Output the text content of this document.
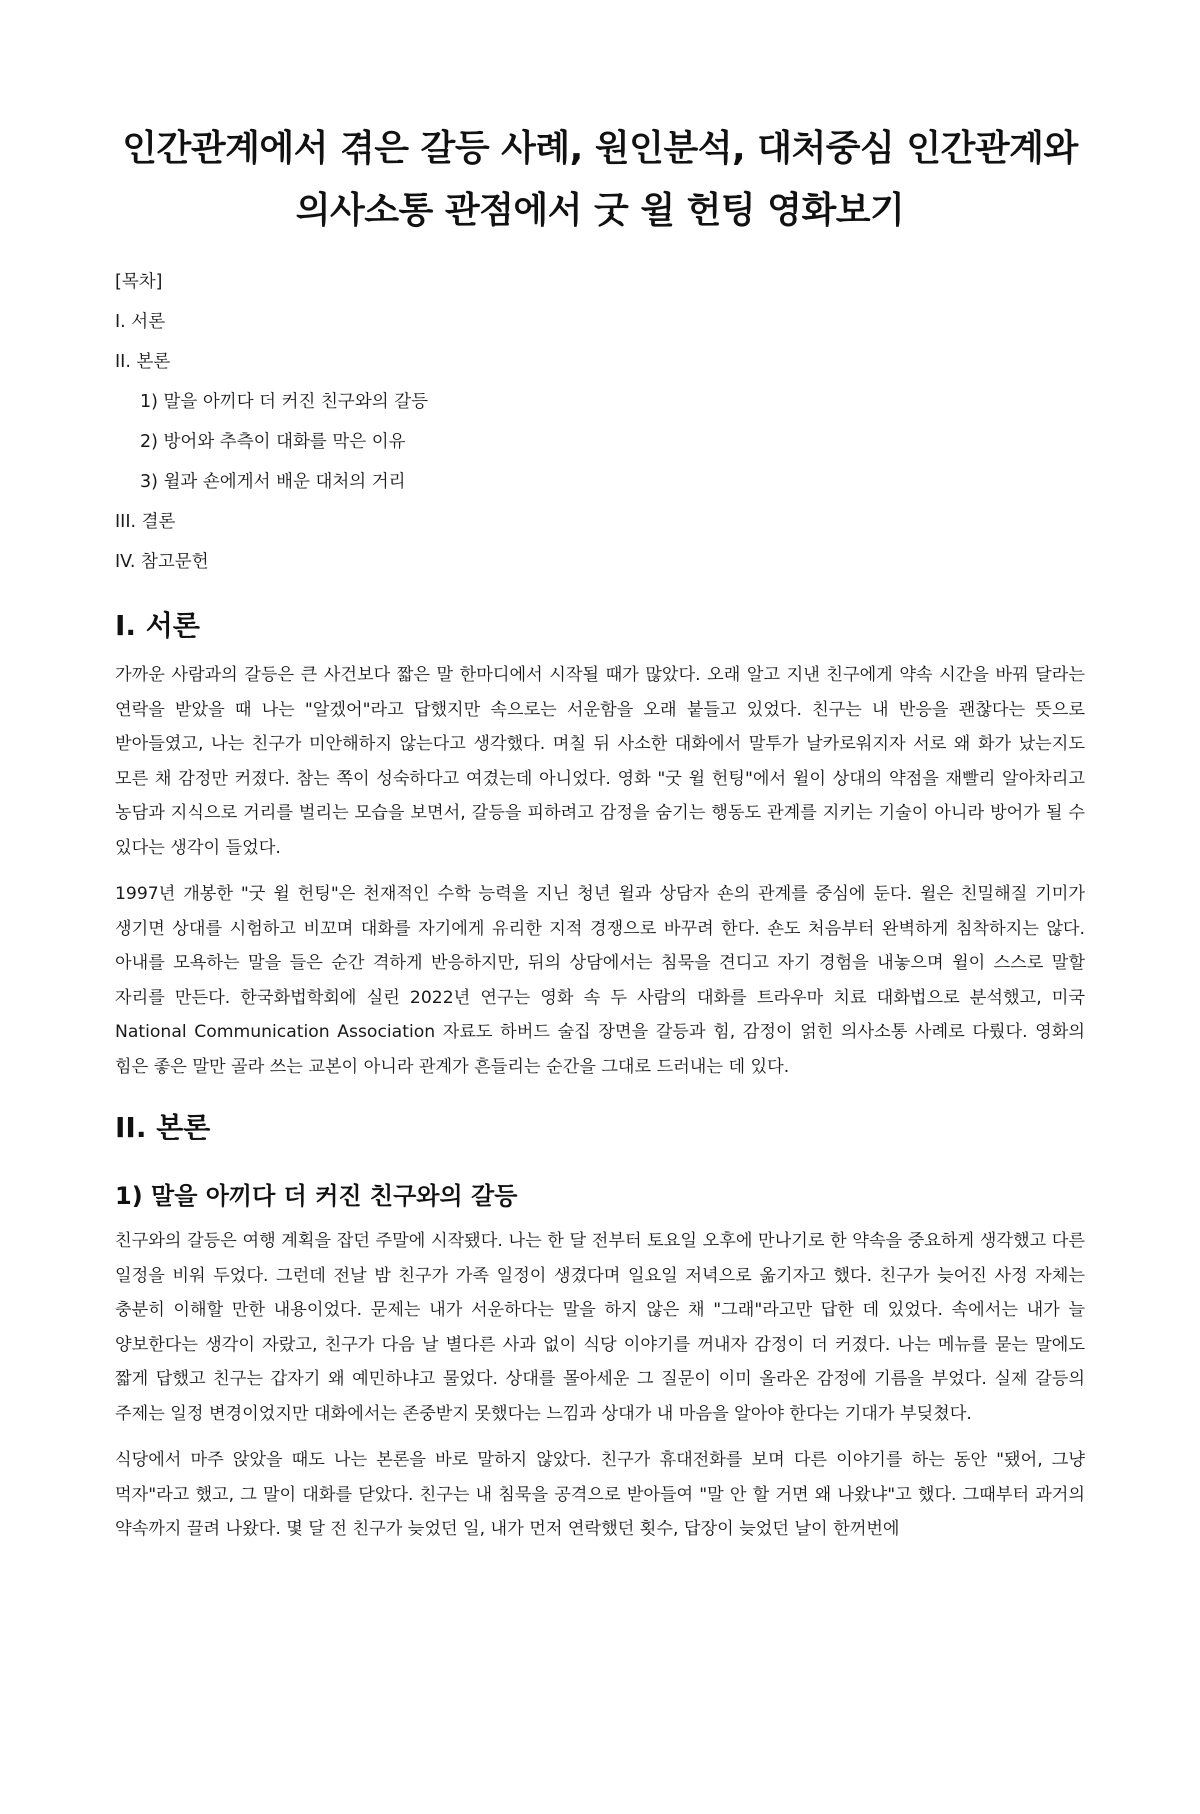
인간관계에서 겪은 갈등 사례, 원인분석, 대처중심 인간관계와 의사소통 관점에서 굿 윌 헌팅 영화보기
[목차]
I. 서론
II. 본론
1) 말을 아끼다 더 커진 친구와의 갈등
2) 방어와 추측이 대화를 막은 이유
3) 윌과 숀에게서 배운 대처의 거리
III. 결론
IV. 참고문헌
I. 서론

가까운 사람과의 갈등은 큰 사건보다 짧은 말 한마디에서 시작될 때가 많았다. 오래 알고 지낸 친구에게 약속 시간을 바꿔 달라는 연락을 받았을 때 나는 "알겠어"라고 답했지만 속으로는 서운함을 오래 붙들고 있었다. 친구는 내 반응을 괜찮다는 뜻으로 받아들였고, 나는 친구가 미안해하지 않는다고 생각했다. 며칠 뒤 사소한 대화에서 말투가 날카로워지자 서로 왜 화가 났는지도 모른 채 감정만 커졌다. 참는 쪽이 성숙하다고 여겼는데 아니었다. 영화 "굿 윌 헌팅"에서 윌이 상대의 약점을 재빨리 알아차리고 농담과 지식으로 거리를 벌리는 모습을 보면서, 갈등을 피하려고 감정을 숨기는 행동도 관계를 지키는 기술이 아니라 방어가 될 수 있다는 생각이 들었다.

1997년 개봉한 "굿 윌 헌팅"은 천재적인 수학 능력을 지닌 청년 윌과 상담자 숀의 관계를 중심에 둔다. 윌은 친밀해질 기미가 생기면 상대를 시험하고 비꼬며 대화를 자기에게 유리한 지적 경쟁으로 바꾸려 한다. 숀도 처음부터 완벽하게 침착하지는 않다. 아내를 모욕하는 말을 들은 순간 격하게 반응하지만, 뒤의 상담에서는 침묵을 견디고 자기 경험을 내놓으며 윌이 스스로 말할 자리를 만든다. 한국화법학회에 실린 2022년 연구는 영화 속 두 사람의 대화를 트라우마 치료 대화법으로 분석했고, 미국 National Communication Association 자료도 하버드 술집 장면을 갈등과 힘, 감정이 얽힌 의사소통 사례로 다뤘다. 영화의 힘은 좋은 말만 골라 쓰는 교본이 아니라 관계가 흔들리는 순간을 그대로 드러내는 데 있다.

II. 본론
1) 말을 아끼다 더 커진 친구와의 갈등

친구와의 갈등은 여행 계획을 잡던 주말에 시작됐다. 나는 한 달 전부터 토요일 오후에 만나기로 한 약속을 중요하게 생각했고 다른 일정을 비워 두었다. 그런데 전날 밤 친구가 가족 일정이 생겼다며 일요일 저녁으로 옮기자고 했다. 친구가 늦어진 사정 자체는 충분히 이해할 만한 내용이었다. 문제는 내가 서운하다는 말을 하지 않은 채 "그래"라고만 답한 데 있었다. 속에서는 내가 늘 양보한다는 생각이 자랐고, 친구가 다음 날 별다른 사과 없이 식당 이야기를 꺼내자 감정이 더 커졌다. 나는 메뉴를 묻는 말에도 짧게 답했고 친구는 갑자기 왜 예민하냐고 물었다. 상대를 몰아세운 그 질문이 이미 올라온 감정에 기름을 부었다. 실제 갈등의 주제는 일정 변경이었지만 대화에서는 존중받지 못했다는 느낌과 상대가 내 마음을 알아야 한다는 기대가 부딪쳤다.

식당에서 마주 앉았을 때도 나는 본론을 바로 말하지 않았다. 친구가 휴대전화를 보며 다른 이야기를 하는 동안 "됐어, 그냥 먹자"라고 했고, 그 말이 대화를 닫았다. 친구는 내 침묵을 공격으로 받아들여 "말 안 할 거면 왜 나왔냐"고 했다. 그때부터 과거의 약속까지 끌려 나왔다. 몇 달 전 친구가 늦었던 일, 내가 먼저 연락했던 횟수, 답장이 늦었던 날이 한꺼번에
